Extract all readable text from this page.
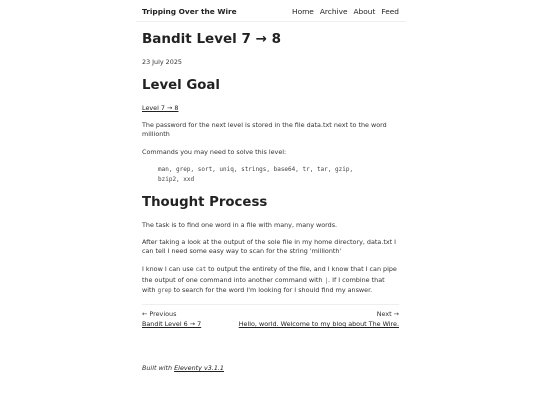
Tripping Over the Wire	Home Archive About Feed
Bandit Level 7 → 8
23 July 2025
Level Goal
Level 7 → 8
The password for the next level is stored in the file data.txt next to the word
millionth
Commands you may need to solve this level:
man, grep, sort, uniq, strings, base64, tr, tar, gzip,
bzip2, xxd
Thought Process
The task is to find one word in a file with many, many words.
After taking a look at the output of the sole file in my home directory, data.txt I
can tell I need some easy way to scan for the string 'millionth'
I know I can use cat to output the entirety of the file, and I know that I can pipe
the output of one command into another command with |. If I combine that
with grep to search for the word I'm looking for I should find my answer.
← Previous
Bandit Level 6 → 7
Next →
Hello, world. Welcome to my blog about The Wire.
Built with Eleventy v3.1.1
